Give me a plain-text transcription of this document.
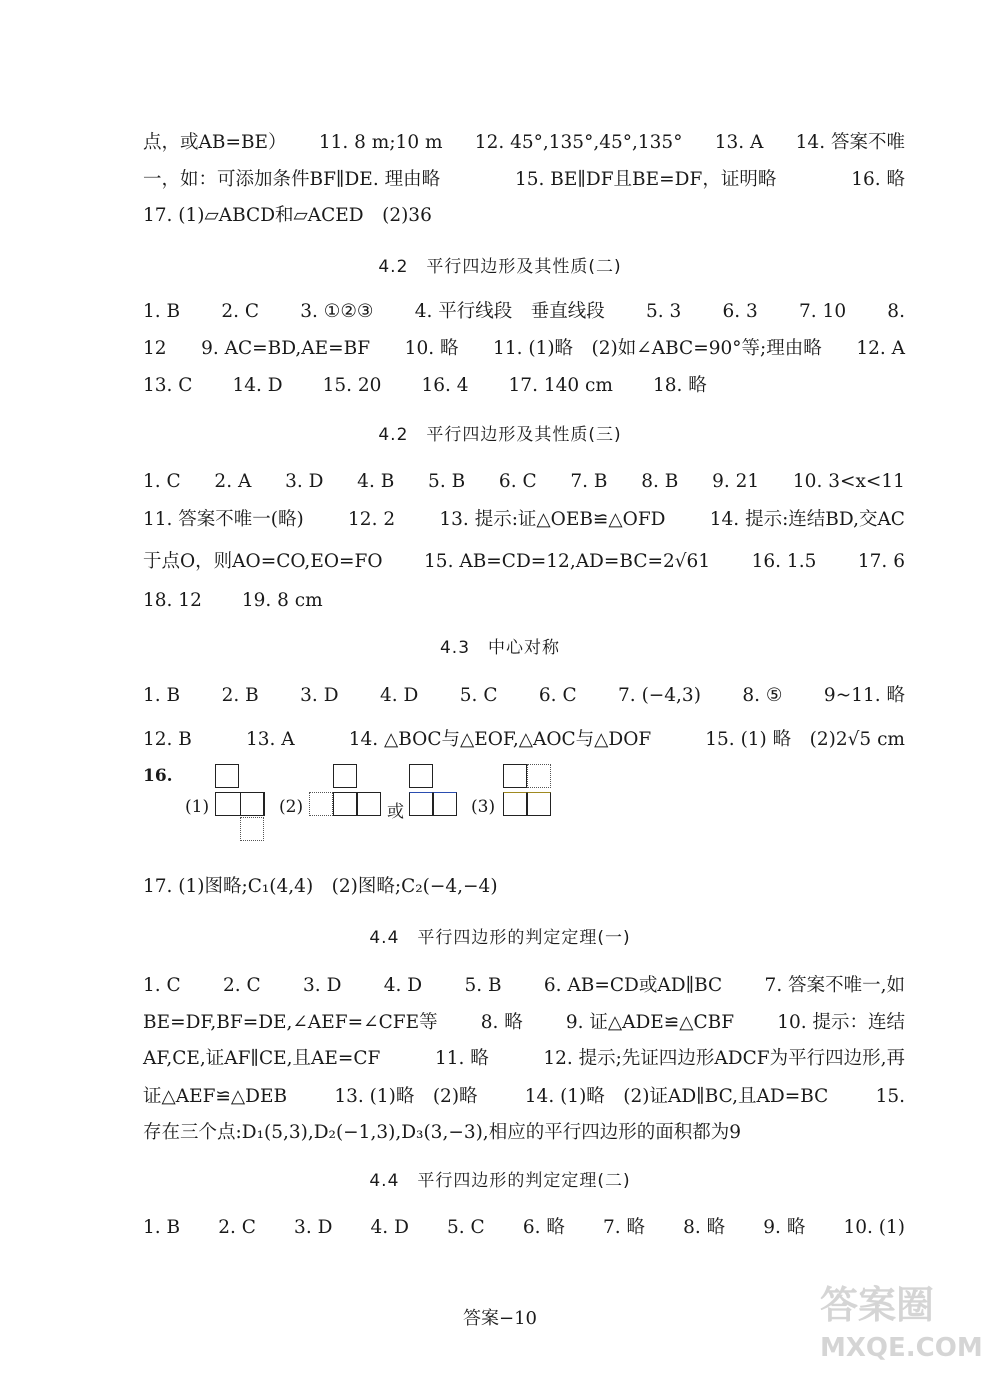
点，或AB=BE） 11. 8 m;10 m 12. 45°,135°,45°,135° 13. A 14. 答案不唯
一，如：可添加条件BF∥DE. 理由略	15. BE∥DF且BE=DF，证明略	16. 略
17. (1)▱ABCD和▱ACED　(2)36
4.2　平行四边形及其性质(二)
1. B 2. C 3. ①②③ 4. 平行线段　垂直线段 5. 3 6. 3 7. 10 8.
12 9. AC=BD,AE=BF 10. 略 11. (1)略　(2)如∠ABC=90°等;理由略 12. A
13. C 14. D 15. 20 16. 4 17. 140 cm 18. 略
4.2　平行四边形及其性质(三)
1. C 2. A 3. D 4. B 5. B 6. C 7. B 8. B 9. 21 10. 3<x<11
11. 答案不唯一(略) 12. 2 13. 提示:证△OEB≌△OFD 14. 提示:连结BD,交AC
于点O，则AO=CO,EO=FO 15. AB=CD=12,AD=BC=2√61 16. 1.5 17. 6
18. 12 19. 8 cm
4.3　中心对称
1. B 2. B 3. D 4. D 5. C 6. C 7. (−4,3) 8. ⑤ 9~11. 略
12. B	13. A	14. △BOC与△EOF,△AOC与△DOF	15. (1) 略　(2)2√5 cm
16.
(1)	(2)	或	(3)
17. (1)图略;C₁(4,4)　(2)图略;C₂(−4,−4)
4.4　平行四边形的判定定理(一)
1. C 2. C 3. D 4. D 5. B 6. AB=CD或AD∥BC 7. 答案不唯一,如
BE=DF,BF=DE,∠AEF=∠CFE等 8. 略 9. 证△ADE≌△CBF 10. 提示：连结
AF,CE,证AF∥CE,且AE=CF	11. 略	12. 提示;先证四边形ADCF为平行四边形,再
证△AEF≌△DEB	13. (1)略　(2)略	14. (1)略　(2)证AD∥BC,且AD=BC	15.
存在三个点:D₁(5,3),D₂(−1,3),D₃(3,−3),相应的平行四边形的面积都为9
4.4　平行四边形的判定定理(二)
1. B 2. C 3. D 4. D 5. C 6. 略 7. 略 8. 略 9. 略 10. (1)
答案−10	答案圈
MXQE.COM
